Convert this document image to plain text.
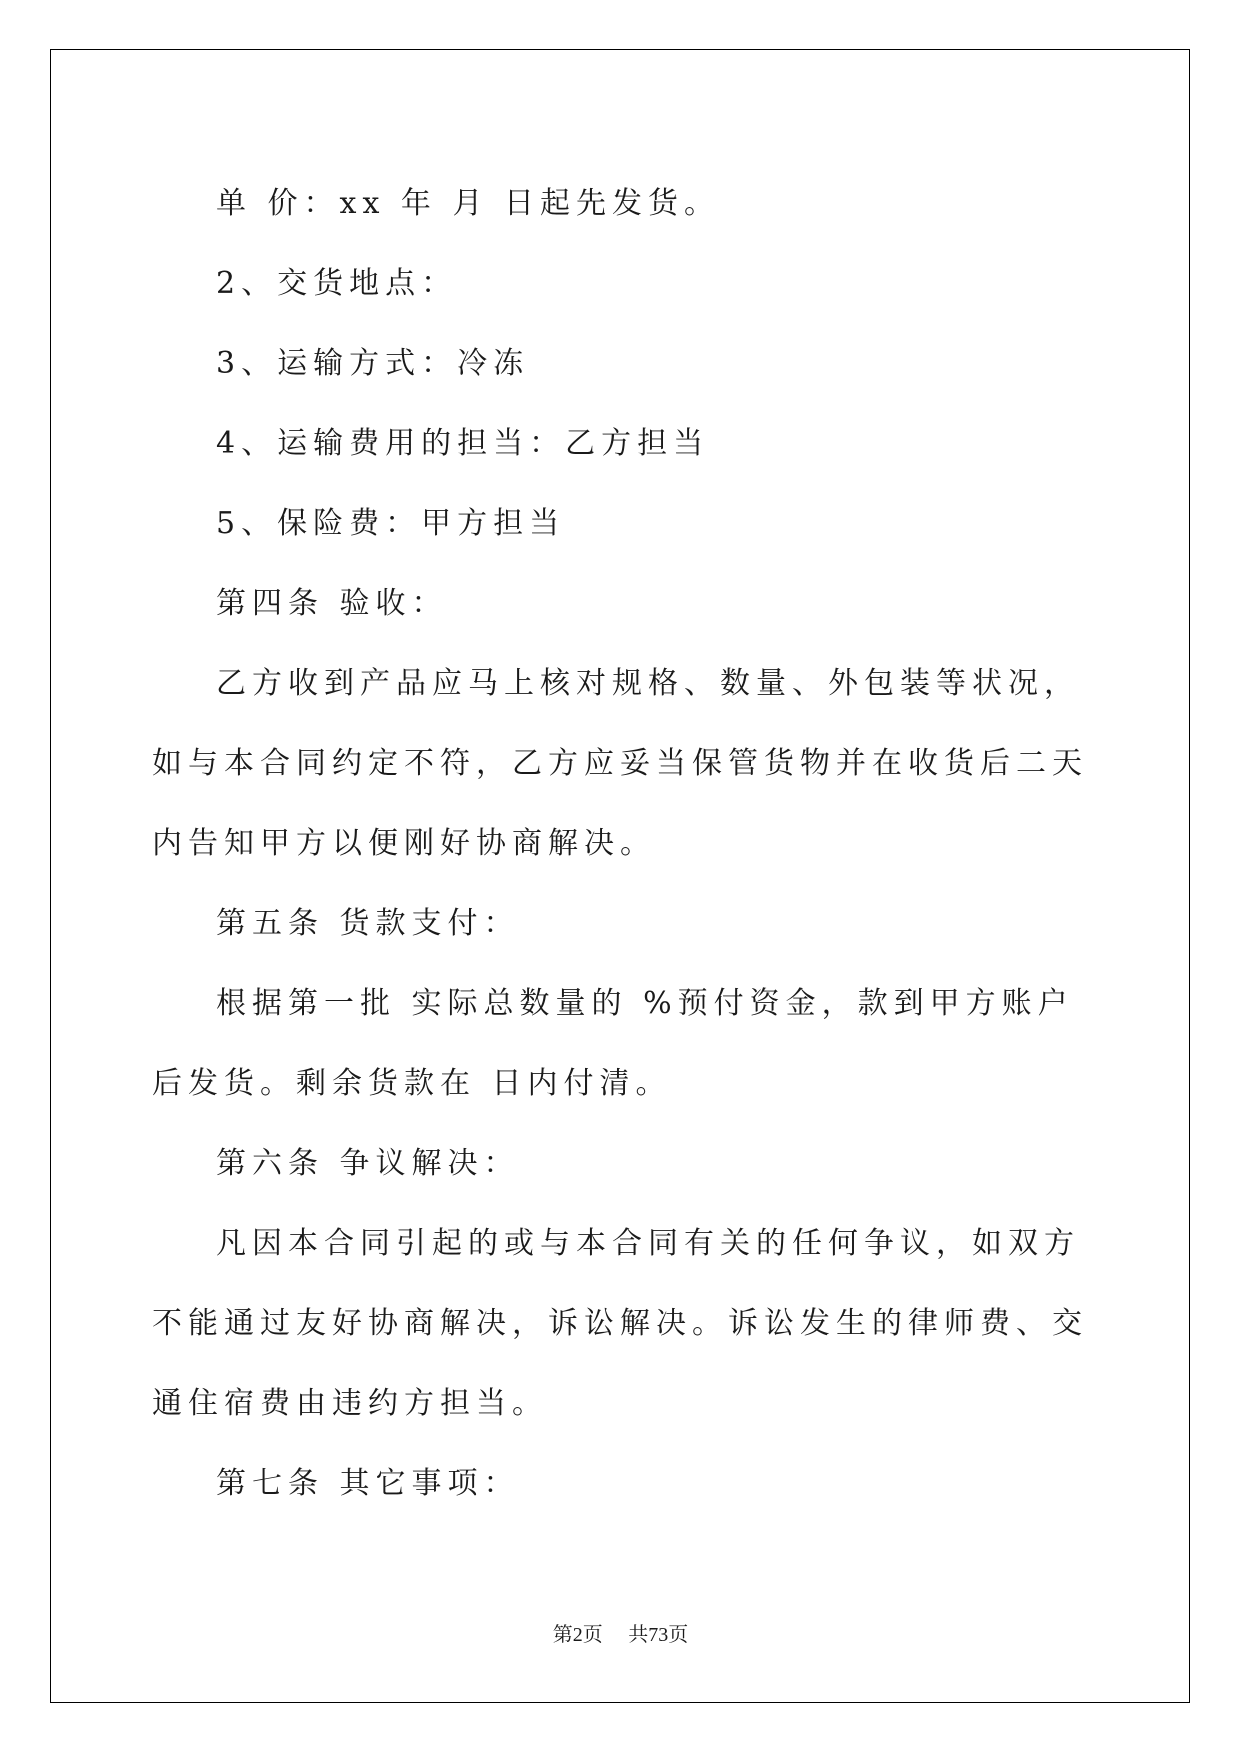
单 价：xx 年 月 日起先发货。

2、交货地点：

3、运输方式：冷冻

4、运输费用的担当：乙方担当

5、保险费：甲方担当

第四条 验收：

乙方收到产品应马上核对规格、数量、外包装等状况，如与本合同约定不符，乙方应妥当保管货物并在收货后二天内告知甲方以便刚好协商解决。

第五条 货款支付：

根据第一批 实际总数量的 %预付资金，款到甲方账户后发货。剩余货款在 日内付清。

第六条 争议解决：

凡因本合同引起的或与本合同有关的任何争议，如双方不能通过友好协商解决，诉讼解决。诉讼发生的律师费、交通住宿费由违约方担当。

第七条 其它事项：

第2页 共73页
